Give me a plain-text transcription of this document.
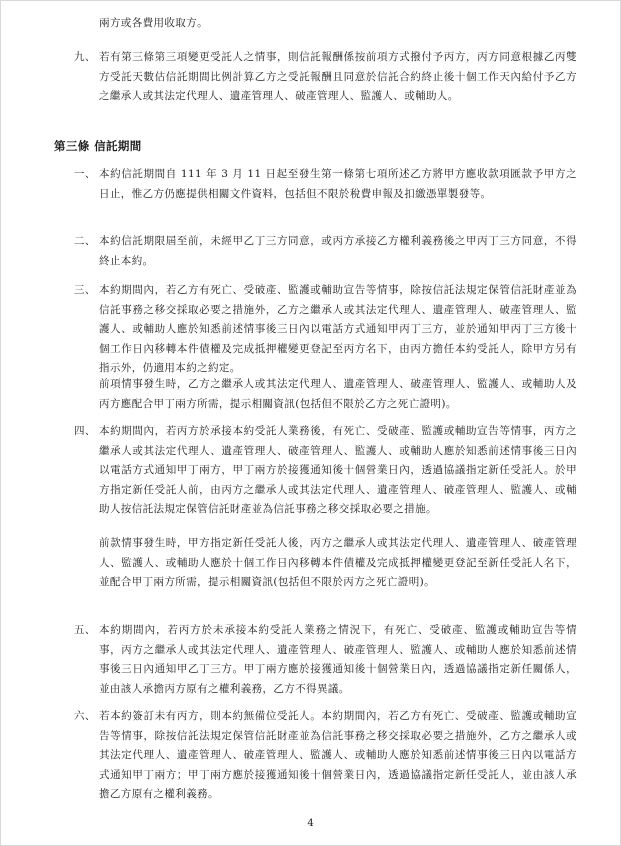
兩方或各費用收取方。
九、 若有第三條第三項變更受託人之情事，則信託報酬係按前項方式撥付予丙方，丙方同意根據乙丙雙方受託天數估信託期間比例計算乙方之受託報酬且同意於信託合約終止後十個工作天內給付予乙方之繼承人或其法定代理人、遺產管理人、破產管理人、監護人、或輔助人。
第三條 信託期間
一、 本約信託期間自 111 年 3 月 11 日起至發生第一條第七項所述乙方將甲方應收款項匯款予甲方之日止，惟乙方仍應提供相關文件資料，包括但不限於稅費申報及扣繳憑單製發等。
二、 本約信託期限屆至前，未經甲乙丁三方同意，或丙方承接乙方權利義務後之甲丙丁三方同意，不得終止本約。
三、 本約期間內，若乙方有死亡、受破產、監護或輔助宣告等情事，除按信託法規定保管信託財產並為信託事務之移交採取必要之措施外，乙方之繼承人或其法定代理人、遺產管理人、破產管理人、監護人、或輔助人應於知悉前述情事後三日內以電話方式通知甲丙丁三方，並於通知甲丙丁三方後十個工作日內移轉本件債權及完成抵押權變更登記至丙方名下，由丙方擔任本約受託人，除甲方另有指示外，仍適用本約之約定。
前項情事發生時，乙方之繼承人或其法定代理人、遺產管理人、破產管理人、監護人、或輔助人及丙方應配合甲丁兩方所需，提示相關資訊(包括但不限於乙方之死亡證明)。
四、 本約期間內，若丙方於承接本約受託人業務後，有死亡、受破產、監護或輔助宣告等情事，丙方之繼承人或其法定代理人、遺產管理人、破產管理人、監護人、或輔助人應於知悉前述情事後三日內以電話方式通知甲丁兩方，甲丁兩方於接獲通知後十個營業日內，透過協議指定新任受託人。於甲方指定新任受託人前，由丙方之繼承人或其法定代理人、遺產管理人、破產管理人、監護人、或輔助人按信託法規定保管信託財產並為信託事務之移交採取必要之措施。
前款情事發生時，甲方指定新任受託人後，丙方之繼承人或其法定代理人、遺產管理人、破產管理人、監護人、或輔助人應於十個工作日內移轉本件債權及完成抵押權變更登記至新任受託人名下，並配合甲丁兩方所需，提示相關資訊(包括但不限於丙方之死亡證明)。
五、 本約期間內，若丙方於未承接本約受託人業務之情況下，有死亡、受破產、監護或輔助宣告等情事，丙方之繼承人或其法定代理人、遺產管理人、破產管理人、監護人、或輔助人應於知悉前述情事後三日內通知甲乙丁三方。甲丁兩方應於接獲通知後十個營業日內，透過協議指定新任關係人，並由該人承擔丙方原有之權利義務，乙方不得異議。
六、 若本約簽訂未有丙方，則本約無備位受託人。本約期間內，若乙方有死亡、受破產、監護或輔助宣告等情事，除按信託法規定保管信託財產並為信託事務之移交採取必要之措施外，乙方之繼承人或其法定代理人、遺產管理人、破產管理人、監護人、或輔助人應於知悉前述情事後三日內以電話方式通知甲丁兩方；甲丁兩方應於接獲通知後十個營業日內，透過協議指定新任受託人，並由該人承擔乙方原有之權利義務。
4
